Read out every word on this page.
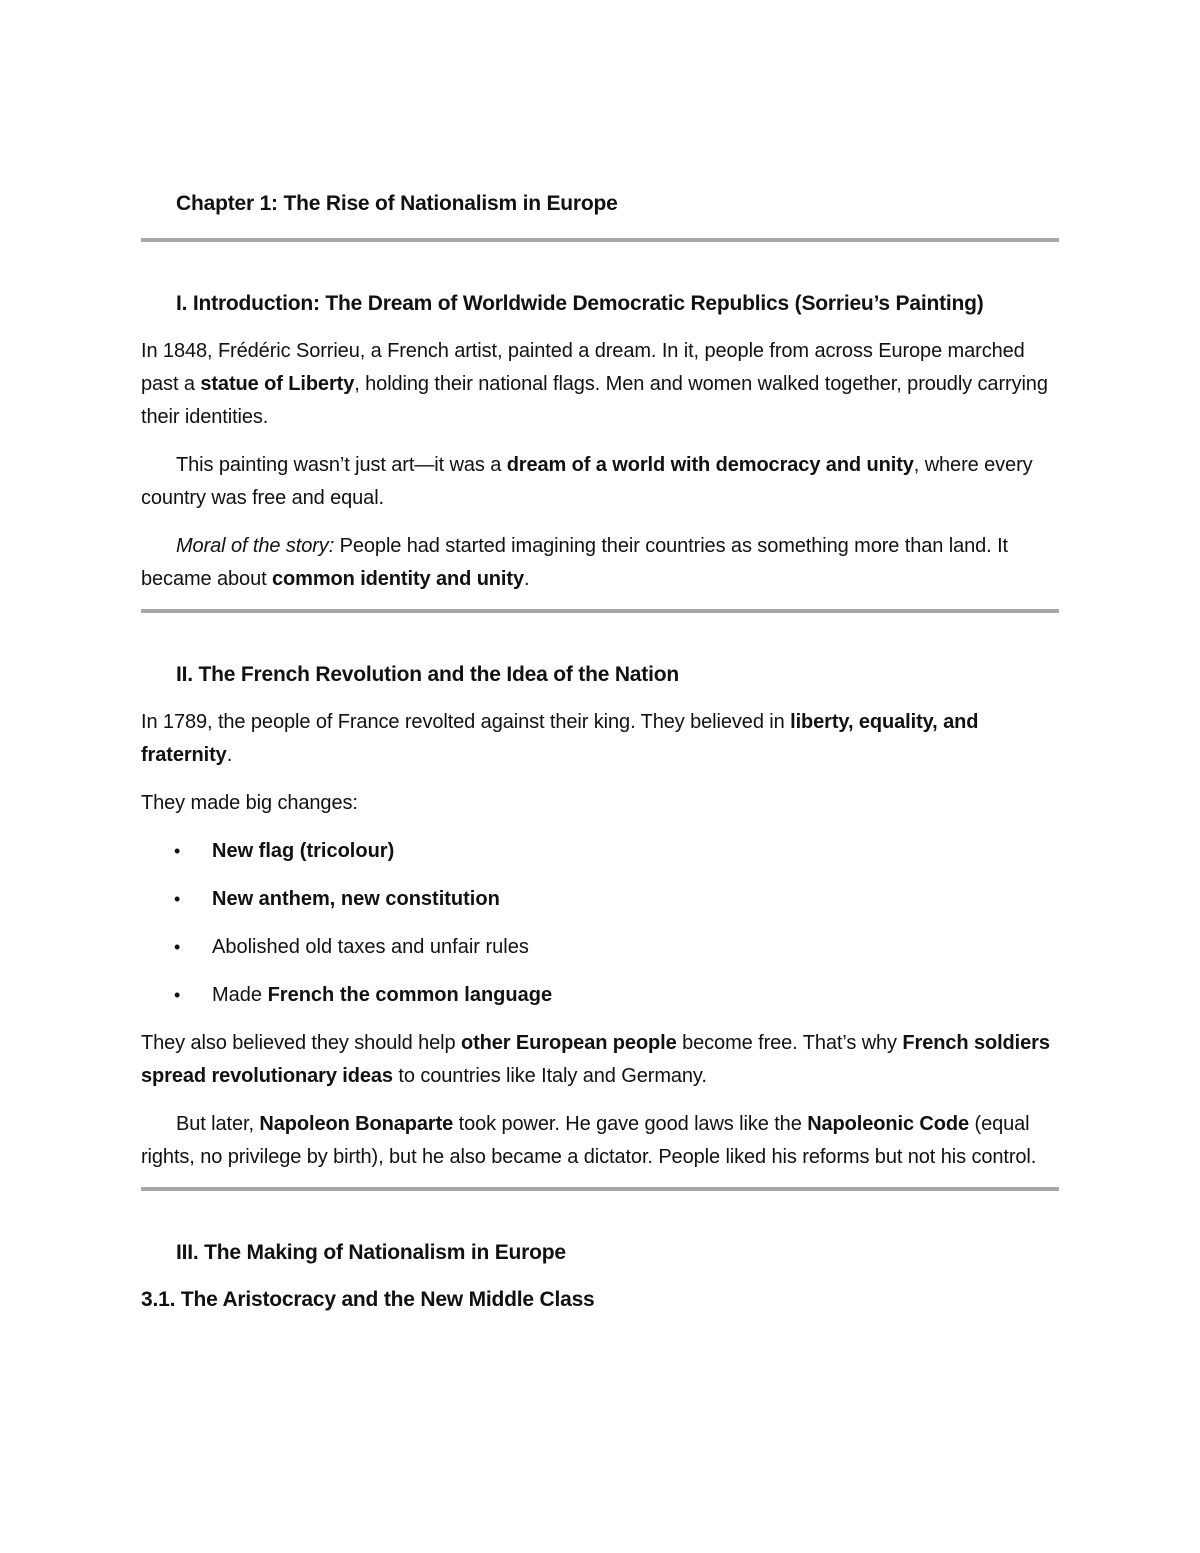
Chapter 1: The Rise of Nationalism in Europe

I. Introduction: The Dream of Worldwide Democratic Republics (Sorrieu’s Painting)

In 1848, Frédéric Sorrieu, a French artist, painted a dream. In it, people from across Europe marched past a statue of Liberty, holding their national flags. Men and women walked together, proudly carrying their identities.

This painting wasn’t just art—it was a dream of a world with democracy and unity, where every country was free and equal.

Moral of the story: People had started imagining their countries as something more than land. It became about common identity and unity.

II. The French Revolution and the Idea of the Nation

In 1789, the people of France revolted against their king. They believed in liberty, equality, and fraternity.

They made big changes:

• New flag (tricolour)
• New anthem, new constitution
• Abolished old taxes and unfair rules
• Made French the common language

They also believed they should help other European people become free. That’s why French soldiers spread revolutionary ideas to countries like Italy and Germany.

But later, Napoleon Bonaparte took power. He gave good laws like the Napoleonic Code (equal rights, no privilege by birth), but he also became a dictator. People liked his reforms but not his control.

III. The Making of Nationalism in Europe

3.1. The Aristocracy and the New Middle Class
